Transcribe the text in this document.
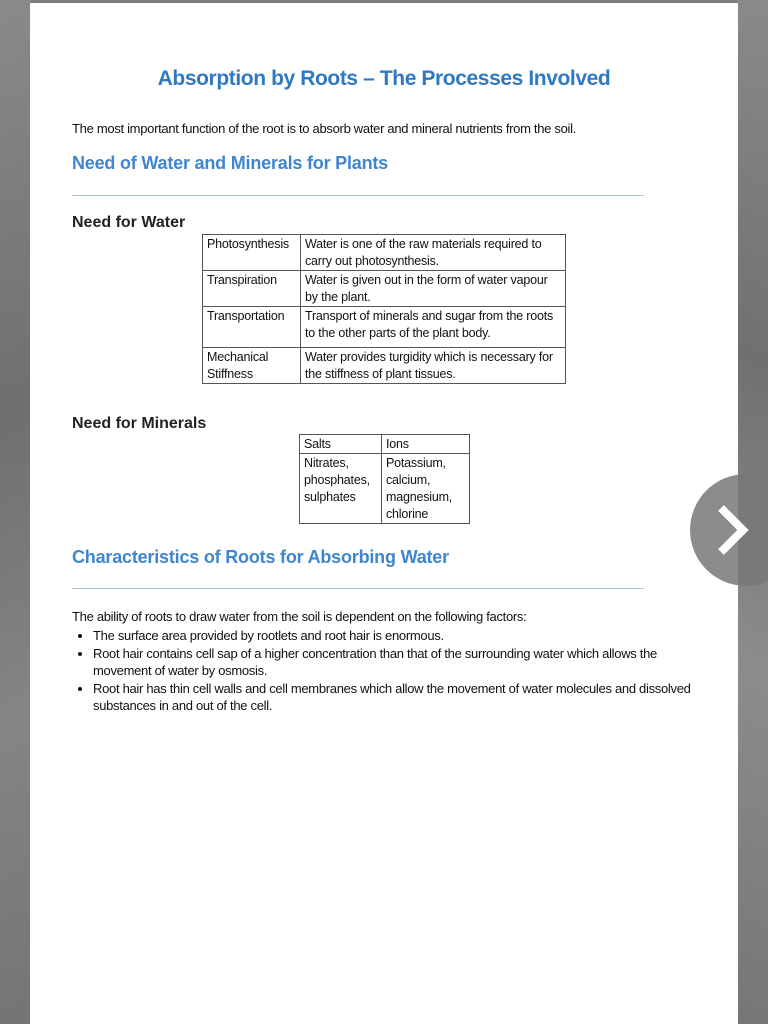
Absorption by Roots – The Processes Involved
The most important function of the root is to absorb water and mineral nutrients from the soil.
Need of Water and Minerals for Plants
Need for Water
Photosynthesis	Water is one of the raw materials required to carry out photosynthesis.
Transpiration	Water is given out in the form of water vapour by the plant.
Transportation	Transport of minerals and sugar from the roots to the other parts of the plant body.
Mechanical Stiffness	Water provides turgidity which is necessary for the stiffness of plant tissues.
Need for Minerals
Salts	Ions
Nitrates, phosphates, sulphates	Potassium, calcium, magnesium, chlorine
Characteristics of Roots for Absorbing Water
The ability of roots to draw water from the soil is dependent on the following factors:
• The surface area provided by rootlets and root hair is enormous.
• Root hair contains cell sap of a higher concentration than that of the surrounding water which allows the movement of water by osmosis.
• Root hair has thin cell walls and cell membranes which allow the movement of water molecules and dissolved substances in and out of the cell.
